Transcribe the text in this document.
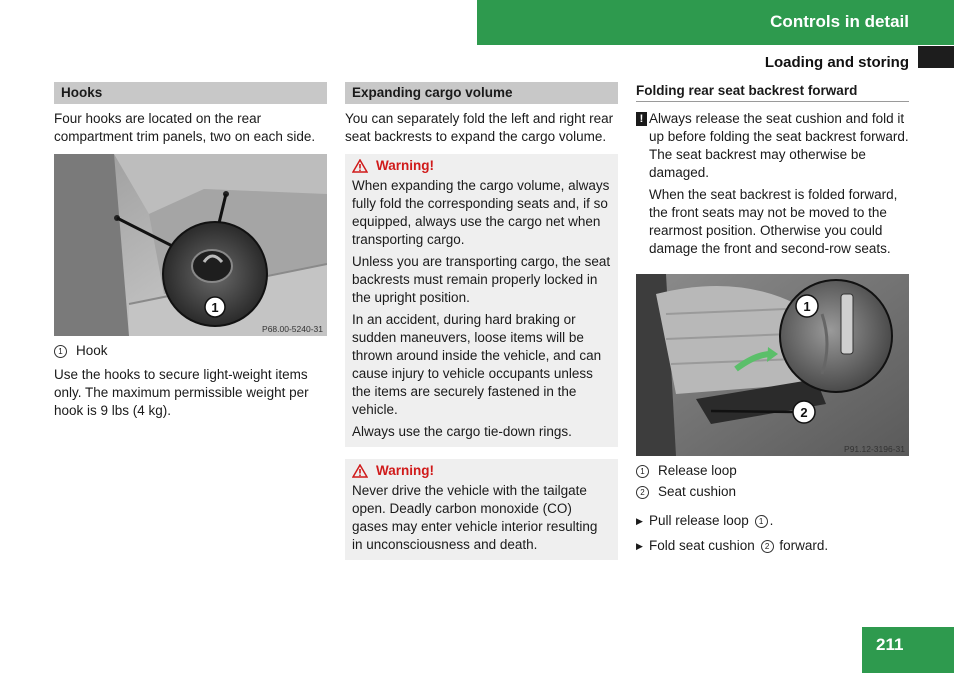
Controls in detail
Loading and storing
Hooks

Four hooks are located on the rear compartment trim panels, two on each side.

1
P68.00-5240-31
1 Hook

Use the hooks to secure light-weight items only. The maximum permissible weight per hook is 9 lbs (4 kg).

Expanding cargo volume

You can separately fold the left and right rear seat backrests to expand the cargo volume.

Warning!

When expanding the cargo volume, always fully fold the corresponding seats and, if so equipped, always use the cargo net when transporting cargo.

Unless you are transporting cargo, the seat backrests must remain properly locked in the upright position.

In an accident, during hard braking or sudden maneuvers, loose items will be thrown around inside the vehicle, and can cause injury to vehicle occupants unless the items are securely fastened in the vehicle.

Always use the cargo tie-down rings.

Warning!

Never drive the vehicle with the tailgate open. Deadly carbon monoxide (CO) gases may enter vehicle interior resulting in unconsciousness and death.

Folding rear seat backrest forward
! Always release the seat cushion and fold it up before folding the seat backrest forward. The seat backrest may otherwise be damaged.

When the seat backrest is folded forward, the front seats may not be moved to the rearmost position. Otherwise you could damage the front and second-row seats.

1
2
P91.12-3196-31
1 Release loop
2 Seat cushion
▶ Pull release loop 1 .
▶ Fold seat cushion 2 forward.
211
